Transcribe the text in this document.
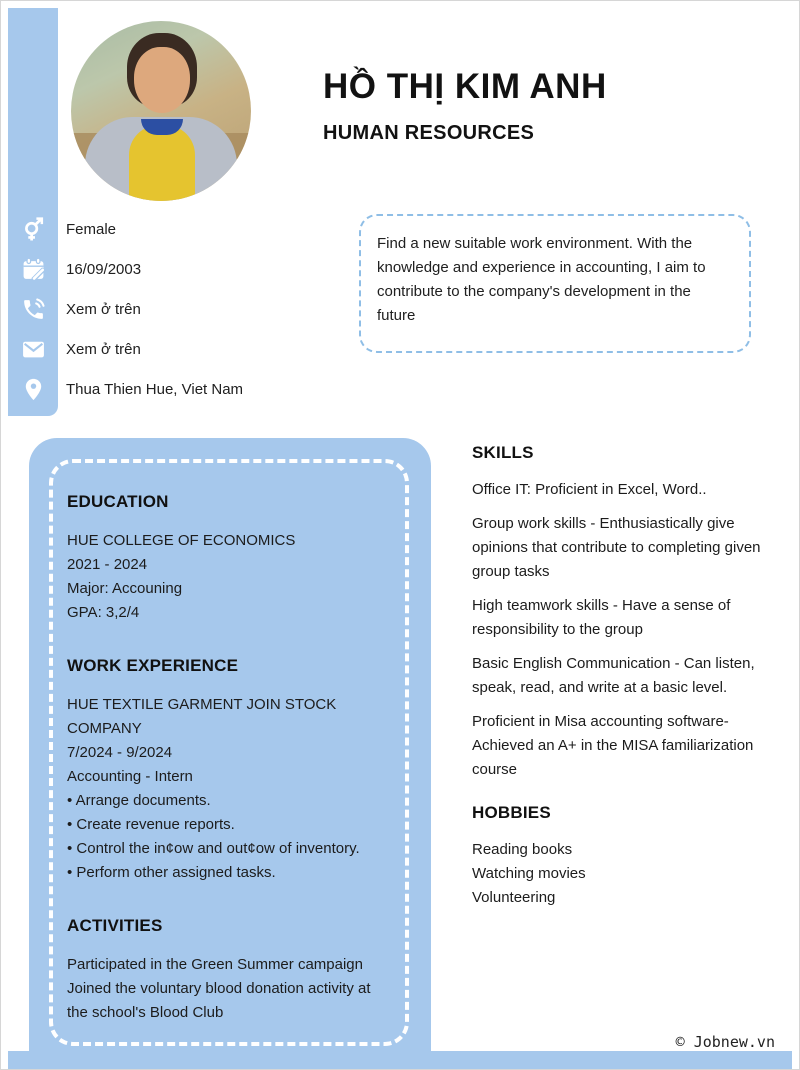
HỒ THỊ KIM ANH
HUMAN RESOURCES
Female
16/09/2003
Xem ở trên
Xem ở trên
Thua Thien Hue, Viet Nam
Find a new suitable work environment. With the knowledge and experience in accounting, I aim to contribute to the company's development in the future
EDUCATION

HUE COLLEGE OF ECONOMICS

2021 - 2024

Major: Accouning

GPA: 3,2/4

WORK EXPERIENCE

HUE TEXTILE GARMENT JOIN STOCK COMPANY

7/2024 - 9/2024

Accounting - Intern

• Arrange documents.

• Create revenue reports.

• Control the in¢ow and out¢ow of inventory.

• Perform other assigned tasks.

ACTIVITIES

Participated in the Green Summer campaign

Joined the voluntary blood donation activity at the school's Blood Club

SKILLS

Office IT: Proficient in Excel, Word..

Group work skills - Enthusiastically give opinions that contribute to completing given group tasks

High teamwork skills - Have a sense of responsibility to the group

Basic English Communication - Can listen, speak, read, and write at a basic level.

Proficient in Misa accounting software- Achieved an A+ in the MISA familiarization course

HOBBIES

Reading books

Watching movies

Volunteering

© Jobnew.vn
